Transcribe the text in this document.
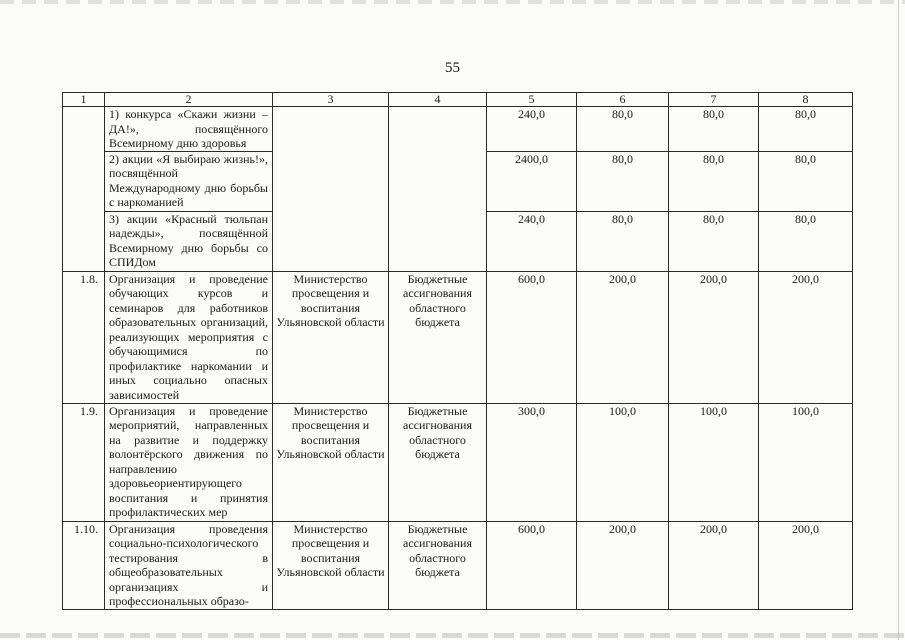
55
1	2	3	4	5	6	7	8
	1) конкурса «Скажи жизни – ДА!», посвящённого Всемирному дню здоровья			240,0	80,0	80,0	80,0
	2) акции «Я выбираю жизнь!», посвящённой Международному дню борьбы с наркоманией			2400,0	80,0	80,0	80,0
	3) акции «Красный тюльпан надежды», посвящённой Всемирному дню борьбы со СПИДом			240,0	80,0	80,0	80,0
1.8.	Организация и проведение обучающих курсов и семинаров для работников образовательных организаций, реализующих мероприятия с обучающимися по профилактике наркомании и иных социально опасных зависимостей	Министерство просвещения и воспитания Ульяновской области	Бюджетные ассигнования областного бюджета	600,0	200,0	200,0	200,0
1.9.	Организация и проведение мероприятий, направленных на развитие и поддержку волонтёрского движения по направлению здоровьеориентирующего воспитания и принятия профилактических мер	Министерство просвещения и воспитания Ульяновской области	Бюджетные ассигнования областного бюджета	300,0	100,0	100,0	100,0
1.10.	Организация проведения социально-психологического тестирования в общеобразовательных организациях и профессиональных образо-	Министерство просвещения и воспитания Ульяновской области	Бюджетные ассигнования областного бюджета	600,0	200,0	200,0	200,0
